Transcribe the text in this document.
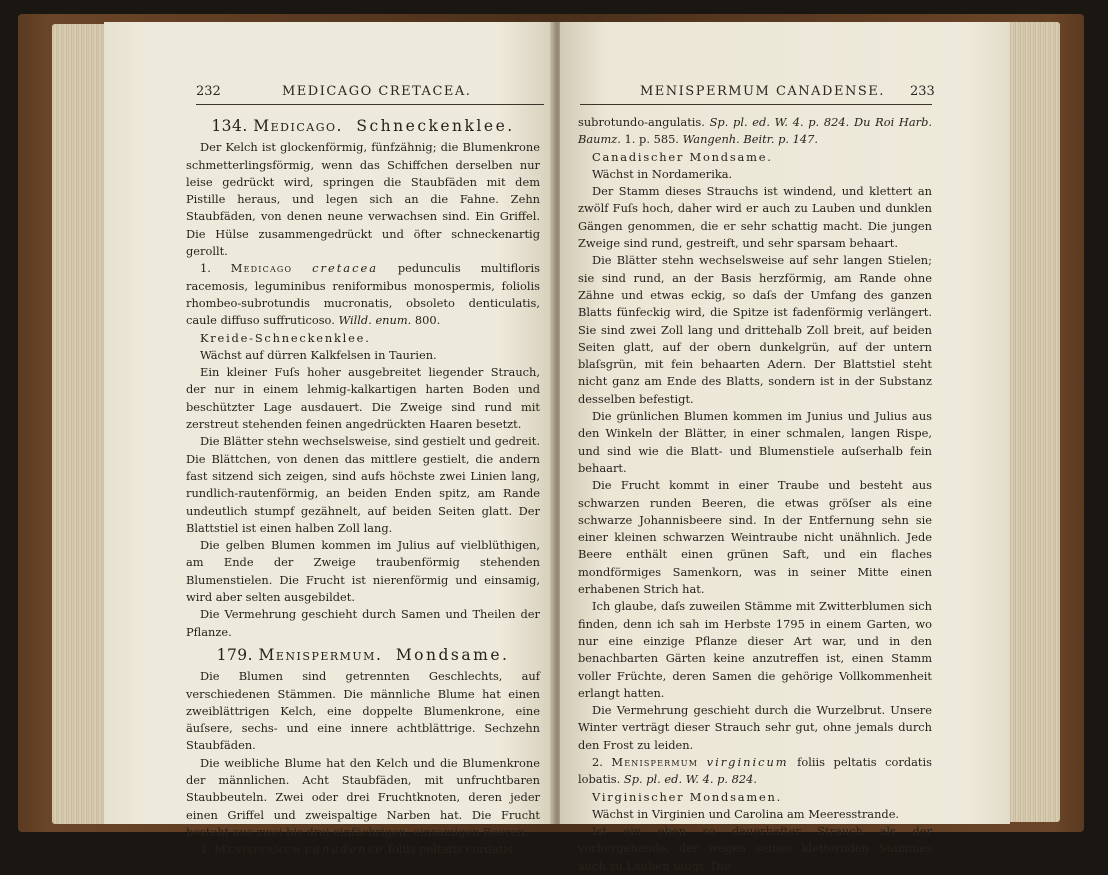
232	MEDICAGO CRETACEA.
134. Medicago. Schneckenklee.

Der Kelch ist glockenförmig, fünfzähnig; die Blumenkrone schmetterlingsförmig, wenn das Schiffchen derselben nur leise gedrückt wird, springen die Staubfäden mit dem Pistille heraus, und legen sich an die Fahne. Zehn Staubfäden, von denen neune verwachsen sind. Ein Griffel. Die Hülse zusammengedrückt und öfter schneckenartig gerollt.

1. Medicago cretacea pedunculis multifloris racemosis, leguminibus reniformibus monospermis, foliolis rhombeo-subrotundis mucronatis, obsoleto denticulatis, caule diffuso suffruticoso. Willd. enum. 800.

Kreide-Schneckenklee.

Wächst auf dürren Kalkfelsen in Taurien.

Ein kleiner Fuſs hoher ausgebreitet liegender Strauch, der nur in einem lehmig-kalkartigen harten Boden und beschützter Lage ausdauert. Die Zweige sind rund mit zerstreut stehenden feinen angedrückten Haaren besetzt.

Die Blätter stehn wechselsweise, sind gestielt und gedreit. Die Blättchen, von denen das mittlere gestielt, die andern fast sitzend sich zeigen, sind aufs höchste zwei Linien lang, rundlich-rautenförmig, an beiden Enden spitz, am Rande undeutlich stumpf gezähnelt, auf beiden Seiten glatt. Der Blattstiel ist einen halben Zoll lang.

Die gelben Blumen kommen im Julius auf vielblüthigen, am Ende der Zweige traubenförmig stehenden Blumenstielen. Die Frucht ist nierenförmig und einsamig, wird aber selten ausgebildet.

Die Vermehrung geschieht durch Samen und Theilen der Pflanze.

179. Menispermum. Mondsame.

Die Blumen sind getrennten Geschlechts, auf verschiedenen Stämmen. Die männliche Blume hat einen zweiblättrigen Kelch, eine doppelte Blumenkrone, eine äuſsere, sechs- und eine innere achtblättrige. Sechzehn Staubfäden.

Die weibliche Blume hat den Kelch und die Blumenkrone der männlichen. Acht Staubfäden, mit unfruchtbaren Staubbeuteln. Zwei oder drei Fruchtknoten, deren jeder einen Griffel und zweispaltige Narben hat. Die Frucht besteht aus zwei bis drei einfächrigen, einsamigen Beeren.

1. Menispermum canadense foliis peltatis cordatis

MENISPERMUM CANADENSE. 233

subrotundo-angulatis. Sp. pl. ed. W. 4. p. 824. Du Roi Harb. Baumz. 1. p. 585. Wangenh. Beitr. p. 147.

Canadischer Mondsame.

Wächst in Nordamerika.

Der Stamm dieses Strauchs ist windend, und klettert an zwölf Fuſs hoch, daher wird er auch zu Lauben und dunklen Gängen genommen, die er sehr schattig macht. Die jungen Zweige sind rund, gestreift, und sehr sparsam behaart.

Die Blätter stehn wechselsweise auf sehr langen Stielen; sie sind rund, an der Basis herzförmig, am Rande ohne Zähne und etwas eckig, so daſs der Umfang des ganzen Blatts fünfeckig wird, die Spitze ist fadenförmig verlängert. Sie sind zwei Zoll lang und drittehalb Zoll breit, auf beiden Seiten glatt, auf der obern dunkelgrün, auf der untern blaſsgrün, mit fein behaarten Adern. Der Blattstiel steht nicht ganz am Ende des Blatts, sondern ist in der Substanz desselben befestigt.

Die grünlichen Blumen kommen im Junius und Julius aus den Winkeln der Blätter, in einer schmalen, langen Rispe, und sind wie die Blatt- und Blumenstiele auſserhalb fein behaart.

Die Frucht kommt in einer Traube und besteht aus schwarzen runden Beeren, die etwas gröſser als eine schwarze Johannisbeere sind. In der Entfernung sehn sie einer kleinen schwarzen Weintraube nicht unähnlich. Jede Beere enthält einen grünen Saft, und ein flaches mondförmiges Samenkorn, was in seiner Mitte einen erhabenen Strich hat.

Ich glaube, daſs zuweilen Stämme mit Zwitterblumen sich finden, denn ich sah im Herbste 1795 in einem Garten, wo nur eine einzige Pflanze dieser Art war, und in den benachbarten Gärten keine anzutreffen ist, einen Stamm voller Früchte, deren Samen die gehörige Vollkommenheit erlangt hatten.

Die Vermehrung geschieht durch die Wurzelbrut. Unsere Winter verträgt dieser Strauch sehr gut, ohne jemals durch den Frost zu leiden.

2. Menispermum virginicum foliis peltatis cordatis lobatis. Sp. pl. ed. W. 4. p. 824.

Virginischer Mondsamen.

Wächst in Virginien und Carolina am Meeresstrande.

Ist ein eben so dauerhafter Strauch als der vorhergehende, der wegen seines kletternden Stammes auch zu Lauben taugt. Die
